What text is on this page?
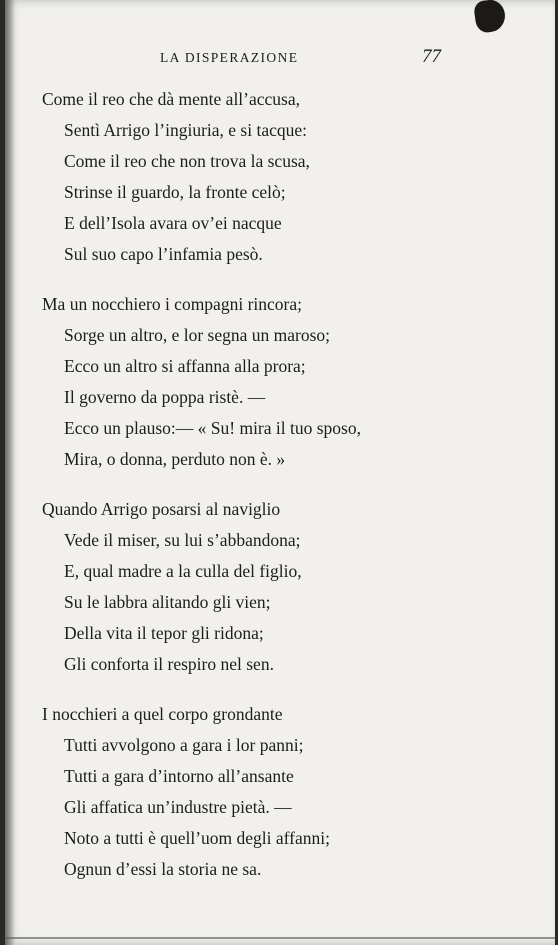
LA DISPERAZIONE	77
Come il reo che dà mente all’accusa,
Sentì Arrigo l’ingiuria, e si tacque:
Come il reo che non trova la scusa,
Strinse il guardo, la fronte celò;
E dell’Isola avara ov’ei nacque
Sul suo capo l’infamia pesò.
Ma un nocchiero i compagni rincora;
Sorge un altro, e lor segna un maroso;
Ecco un altro si affanna alla prora;
Il governo da poppa ristè. —
Ecco un plauso:— « Su! mira il tuo sposo,
Mira, o donna, perduto non è. »
Quando Arrigo posarsi al naviglio
Vede il miser, su lui s’abbandona;
E, qual madre a la culla del figlio,
Su le labbra alitando gli vien;
Della vita il tepor gli ridona;
Gli conforta il respiro nel sen.
I nocchieri a quel corpo grondante
Tutti avvolgono a gara i lor panni;
Tutti a gara d’intorno all’ansante
Gli affatica un’industre pietà. —
Noto a tutti è quell’uom degli affanni;
Ognun d’essi la storia ne sa.
